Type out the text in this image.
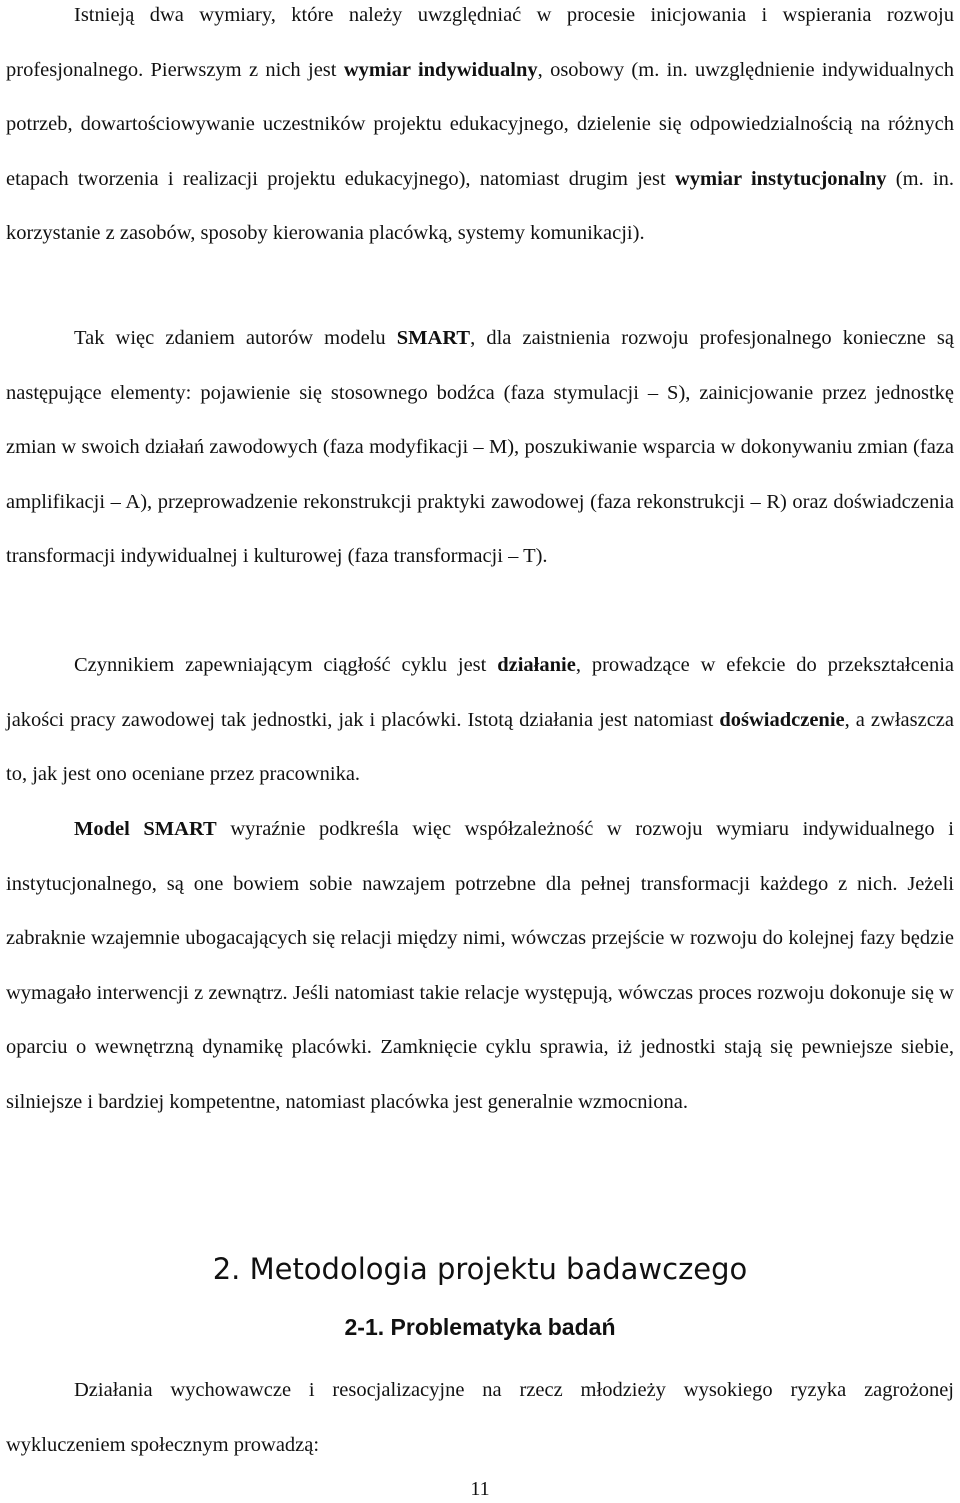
Istnieją dwa wymiary, które należy uwzględniać w procesie inicjowania i wspierania rozwoju profesjonalnego. Pierwszym z nich jest wymiar indywidualny, osobowy (m. in. uwzględnienie indywidualnych potrzeb, dowartościowywanie uczestników projektu edukacyjnego, dzielenie się odpowiedzialnością na różnych etapach tworzenia i realizacji projektu edukacyjnego), natomiast drugim jest wymiar instytucjonalny (m. in. korzystanie z zasobów, sposoby kierowania placówką, systemy komunikacji).

Tak więc zdaniem autorów modelu SMART, dla zaistnienia rozwoju profesjonalnego konieczne są następujące elementy: pojawienie się stosownego bodźca (faza stymulacji – S), zainicjowanie przez jednostkę zmian w swoich działań zawodowych (faza modyfikacji – M), poszukiwanie wsparcia w dokonywaniu zmian (faza amplifikacji – A), przeprowadzenie rekonstrukcji praktyki zawodowej (faza rekonstrukcji – R) oraz doświadczenia transformacji indywidualnej i kulturowej (faza transformacji – T).

Czynnikiem zapewniającym ciągłość cyklu jest działanie, prowadzące w efekcie do przekształcenia jakości pracy zawodowej tak jednostki, jak i placówki. Istotą działania jest natomiast doświadczenie, a zwłaszcza to, jak jest ono oceniane przez pracownika.

Model SMART wyraźnie podkreśla więc współzależność w rozwoju wymiaru indywidualnego i instytucjonalnego, są one bowiem sobie nawzajem potrzebne dla pełnej transformacji każdego z nich. Jeżeli zabraknie wzajemnie ubogacających się relacji między nimi, wówczas przejście w rozwoju do kolejnej fazy będzie wymagało interwencji z zewnątrz. Jeśli natomiast takie relacje występują, wówczas proces rozwoju dokonuje się w oparciu o wewnętrzną dynamikę placówki. Zamknięcie cyklu sprawia, iż jednostki stają się pewniejsze siebie, silniejsze i bardziej kompetentne, natomiast placówka jest generalnie wzmocniona.

2. Metodologia projektu badawczego
2-1. Problematyka badań

Działania wychowawcze i resocjalizacyjne na rzecz młodzieży wysokiego ryzyka zagrożonej wykluczeniem społecznym prowadzą:

11
